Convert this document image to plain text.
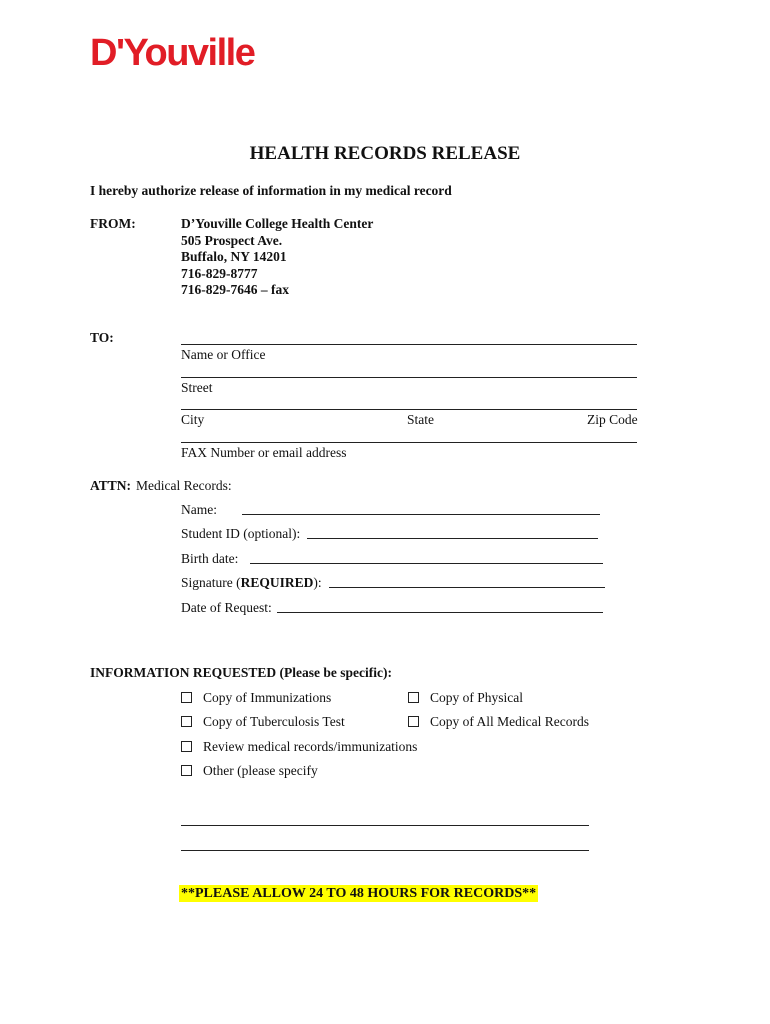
D'Youville
HEALTH RECORDS RELEASE
I hereby authorize release of information in my medical record
FROM:	D’Youville College Health Center
505 Prospect Ave.
Buffalo, NY 14201
716-829-8777
716-829-7646 – fax
TO:
Name or Office
Street
City	State	Zip Code
FAX Number or email address
ATTN: Medical Records:
Name:
Student ID (optional):
Birth date:
Signature (REQUIRED):
Date of Request:
INFORMATION REQUESTED (Please be specific):
Copy of Immunizations	Copy of Physical
Copy of Tuberculosis Test	Copy of All Medical Records
Review medical records/immunizations
Other (please specify
**PLEASE ALLOW 24 TO 48 HOURS FOR RECORDS**
